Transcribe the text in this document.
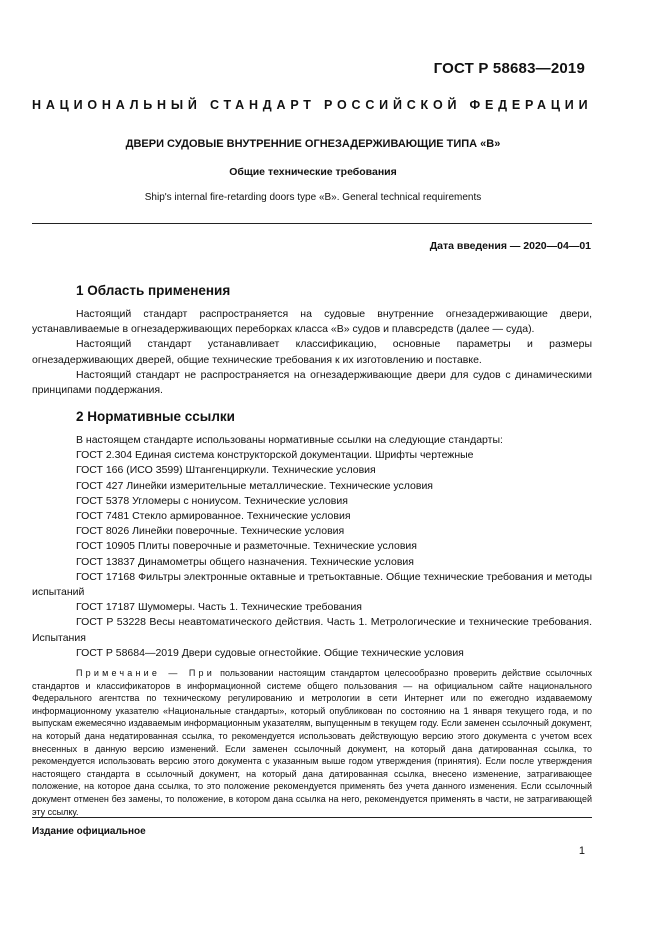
ГОСТ Р 58683—2019
НАЦИОНАЛЬНЫЙ СТАНДАРТ РОССИЙСКОЙ ФЕДЕРАЦИИ
ДВЕРИ СУДОВЫЕ ВНУТРЕННИЕ ОГНЕЗАДЕРЖИВАЮЩИЕ ТИПА «В»
Общие технические требования
Ship's internal fire-retarding doors type «B». General technical requirements
Дата введения — 2020—04—01
1 Область применения

Настоящий стандарт распространяется на судовые внутренние огнезадерживающие двери, устанавливаемые в огнезадерживающих переборках класса «В» судов и плавсредств (далее — суда).

Настоящий стандарт устанавливает классификацию, основные параметры и размеры огнезадерживающих дверей, общие технические требования к их изготовлению и поставке.

Настоящий стандарт не распространяется на огнезадерживающие двери для судов с динамическими принципами поддержания.

2 Нормативные ссылки

В настоящем стандарте использованы нормативные ссылки на следующие стандарты:

ГОСТ 2.304 Единая система конструкторской документации. Шрифты чертежные

ГОСТ 166 (ИСО 3599) Штангенциркули. Технические условия

ГОСТ 427 Линейки измерительные металлические. Технические условия

ГОСТ 5378 Угломеры с нониусом. Технические условия

ГОСТ 7481 Стекло армированное. Технические условия

ГОСТ 8026 Линейки поверочные. Технические условия

ГОСТ 10905 Плиты поверочные и разметочные. Технические условия

ГОСТ 13837 Динамометры общего назначения. Технические условия

ГОСТ 17168 Фильтры электронные октавные и третьоктавные. Общие технические требования и методы испытаний

ГОСТ 17187 Шумомеры. Часть 1. Технические требования

ГОСТ Р 53228 Весы неавтоматического действия. Часть 1. Метрологические и технические требования. Испытания

ГОСТ Р 58684—2019 Двери судовые огнестойкие. Общие технические условия

Примечание — При пользовании настоящим стандартом целесообразно проверить действие ссылочных стандартов и классификаторов в информационной системе общего пользования — на официальном сайте национального Федерального агентства по техническому регулированию и метрологии в сети Интернет или по ежегодно издаваемому информационному указателю «Национальные стандарты», который опубликован по состоянию на 1 января текущего года, и по выпускам ежемесячно издаваемым информационным указателям, выпущенным в текущем году. Если заменен ссылочный документ, на который дана недатированная ссылка, то рекомендуется использовать действующую версию этого документа с учетом всех внесенных в данную версию изменений. Если заменен ссылочный документ, на который дана датированная ссылка, то рекомендуется использовать версию этого документа с указанным выше годом утверждения (принятия). Если после утверждения настоящего стандарта в ссылочный документ, на который дана датированная ссылка, внесено изменение, затрагивающее положение, на которое дана ссылка, то это положение рекомендуется применять без учета данного изменения. Если ссылочный документ отменен без замены, то положение, в котором дана ссылка на него, рекомендуется применять в части, не затрагивающей эту ссылку.

Издание официальное
1
